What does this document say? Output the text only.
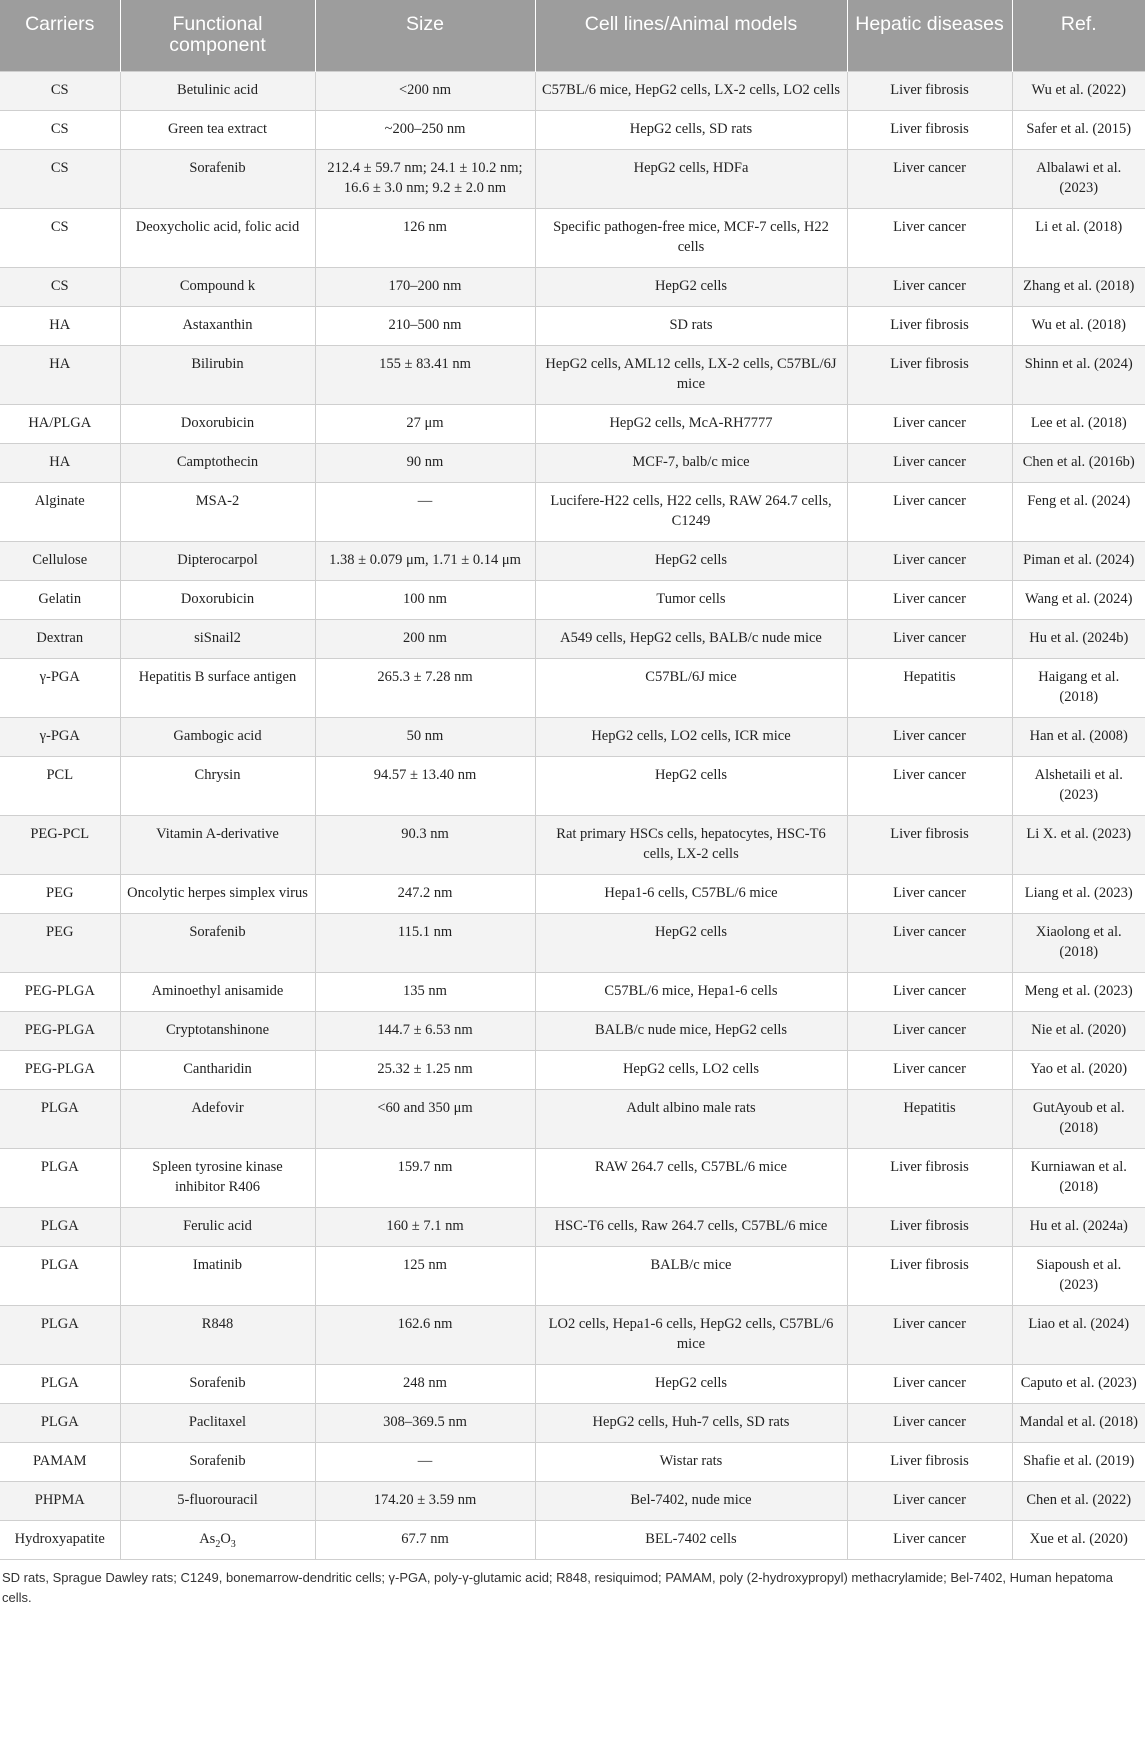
Carriers	Functional component	Size	Cell lines/Animal models	Hepatic diseases	Ref.
CS	Betulinic acid	<200 nm	C57BL/6 mice, HepG2 cells, LX-2 cells, LO2 cells	Liver fibrosis	Wu et al. (2022)
CS	Green tea extract	~200–250 nm	HepG2 cells, SD rats	Liver fibrosis	Safer et al. (2015)
CS	Sorafenib	212.4 ± 59.7 nm; 24.1 ± 10.2 nm; 16.6 ± 3.0 nm; 9.2 ± 2.0 nm	HepG2 cells, HDFa	Liver cancer	Albalawi et al. (2023)
CS	Deoxycholic acid, folic acid	126 nm	Specific pathogen-free mice, MCF-7 cells, H22 cells	Liver cancer	Li et al. (2018)
CS	Compound k	170–200 nm	HepG2 cells	Liver cancer	Zhang et al. (2018)
HA	Astaxanthin	210–500 nm	SD rats	Liver fibrosis	Wu et al. (2018)
HA	Bilirubin	155 ± 83.41 nm	HepG2 cells, AML12 cells, LX-2 cells, C57BL/6J mice	Liver fibrosis	Shinn et al. (2024)
HA/PLGA	Doxorubicin	27 μm	HepG2 cells, McA-RH7777	Liver cancer	Lee et al. (2018)
HA	Camptothecin	90 nm	MCF-7, balb/c mice	Liver cancer	Chen et al. (2016b)
Alginate	MSA-2	—	Lucifere-H22 cells, H22 cells, RAW 264.7 cells, C1249	Liver cancer	Feng et al. (2024)
Cellulose	Dipterocarpol	1.38 ± 0.079 μm, 1.71 ± 0.14 μm	HepG2 cells	Liver cancer	Piman et al. (2024)
Gelatin	Doxorubicin	100 nm	Tumor cells	Liver cancer	Wang et al. (2024)
Dextran	siSnail2	200 nm	A549 cells, HepG2 cells, BALB/c nude mice	Liver cancer	Hu et al. (2024b)
γ-PGA	Hepatitis B surface antigen	265.3 ± 7.28 nm	C57BL/6J mice	Hepatitis	Haigang et al. (2018)
γ-PGA	Gambogic acid	50 nm	HepG2 cells, LO2 cells, ICR mice	Liver cancer	Han et al. (2008)
PCL	Chrysin	94.57 ± 13.40 nm	HepG2 cells	Liver cancer	Alshetaili et al. (2023)
PEG-PCL	Vitamin A-derivative	90.3 nm	Rat primary HSCs cells, hepatocytes, HSC-T6 cells, LX-2 cells	Liver fibrosis	Li X. et al. (2023)
PEG	Oncolytic herpes simplex virus	247.2 nm	Hepa1-6 cells, C57BL/6 mice	Liver cancer	Liang et al. (2023)
PEG	Sorafenib	115.1 nm	HepG2 cells	Liver cancer	Xiaolong et al. (2018)
PEG-PLGA	Aminoethyl anisamide	135 nm	C57BL/6 mice, Hepa1-6 cells	Liver cancer	Meng et al. (2023)
PEG-PLGA	Cryptotanshinone	144.7 ± 6.53 nm	BALB/c nude mice, HepG2 cells	Liver cancer	Nie et al. (2020)
PEG-PLGA	Cantharidin	25.32 ± 1.25 nm	HepG2 cells, LO2 cells	Liver cancer	Yao et al. (2020)
PLGA	Adefovir	<60 and 350 μm	Adult albino male rats	Hepatitis	GutAyoub et al. (2018)
PLGA	Spleen tyrosine kinase inhibitor R406	159.7 nm	RAW 264.7 cells, C57BL/6 mice	Liver fibrosis	Kurniawan et al. (2018)
PLGA	Ferulic acid	160 ± 7.1 nm	HSC-T6 cells, Raw 264.7 cells, C57BL/6 mice	Liver fibrosis	Hu et al. (2024a)
PLGA	Imatinib	125 nm	BALB/c mice	Liver fibrosis	Siapoush et al. (2023)
PLGA	R848	162.6 nm	LO2 cells, Hepa1-6 cells, HepG2 cells, C57BL/6 mice	Liver cancer	Liao et al. (2024)
PLGA	Sorafenib	248 nm	HepG2 cells	Liver cancer	Caputo et al. (2023)
PLGA	Paclitaxel	308–369.5 nm	HepG2 cells, Huh-7 cells, SD rats	Liver cancer	Mandal et al. (2018)
PAMAM	Sorafenib	—	Wistar rats	Liver fibrosis	Shafie et al. (2019)
PHPMA	5-fluorouracil	174.20 ± 3.59 nm	Bel-7402, nude mice	Liver cancer	Chen et al. (2022)
Hydroxyapatite	$As_2O_3$	67.7 nm	BEL-7402 cells	Liver cancer	Xue et al. (2020)

SD rats, Sprague Dawley rats; C1249, bonemarrow-dendritic cells; γ-PGA, poly-γ-glutamic acid; R848, resiquimod; PAMAM, poly (2-hydroxypropyl) methacrylamide; Bel-7402, Human hepatoma cells.
